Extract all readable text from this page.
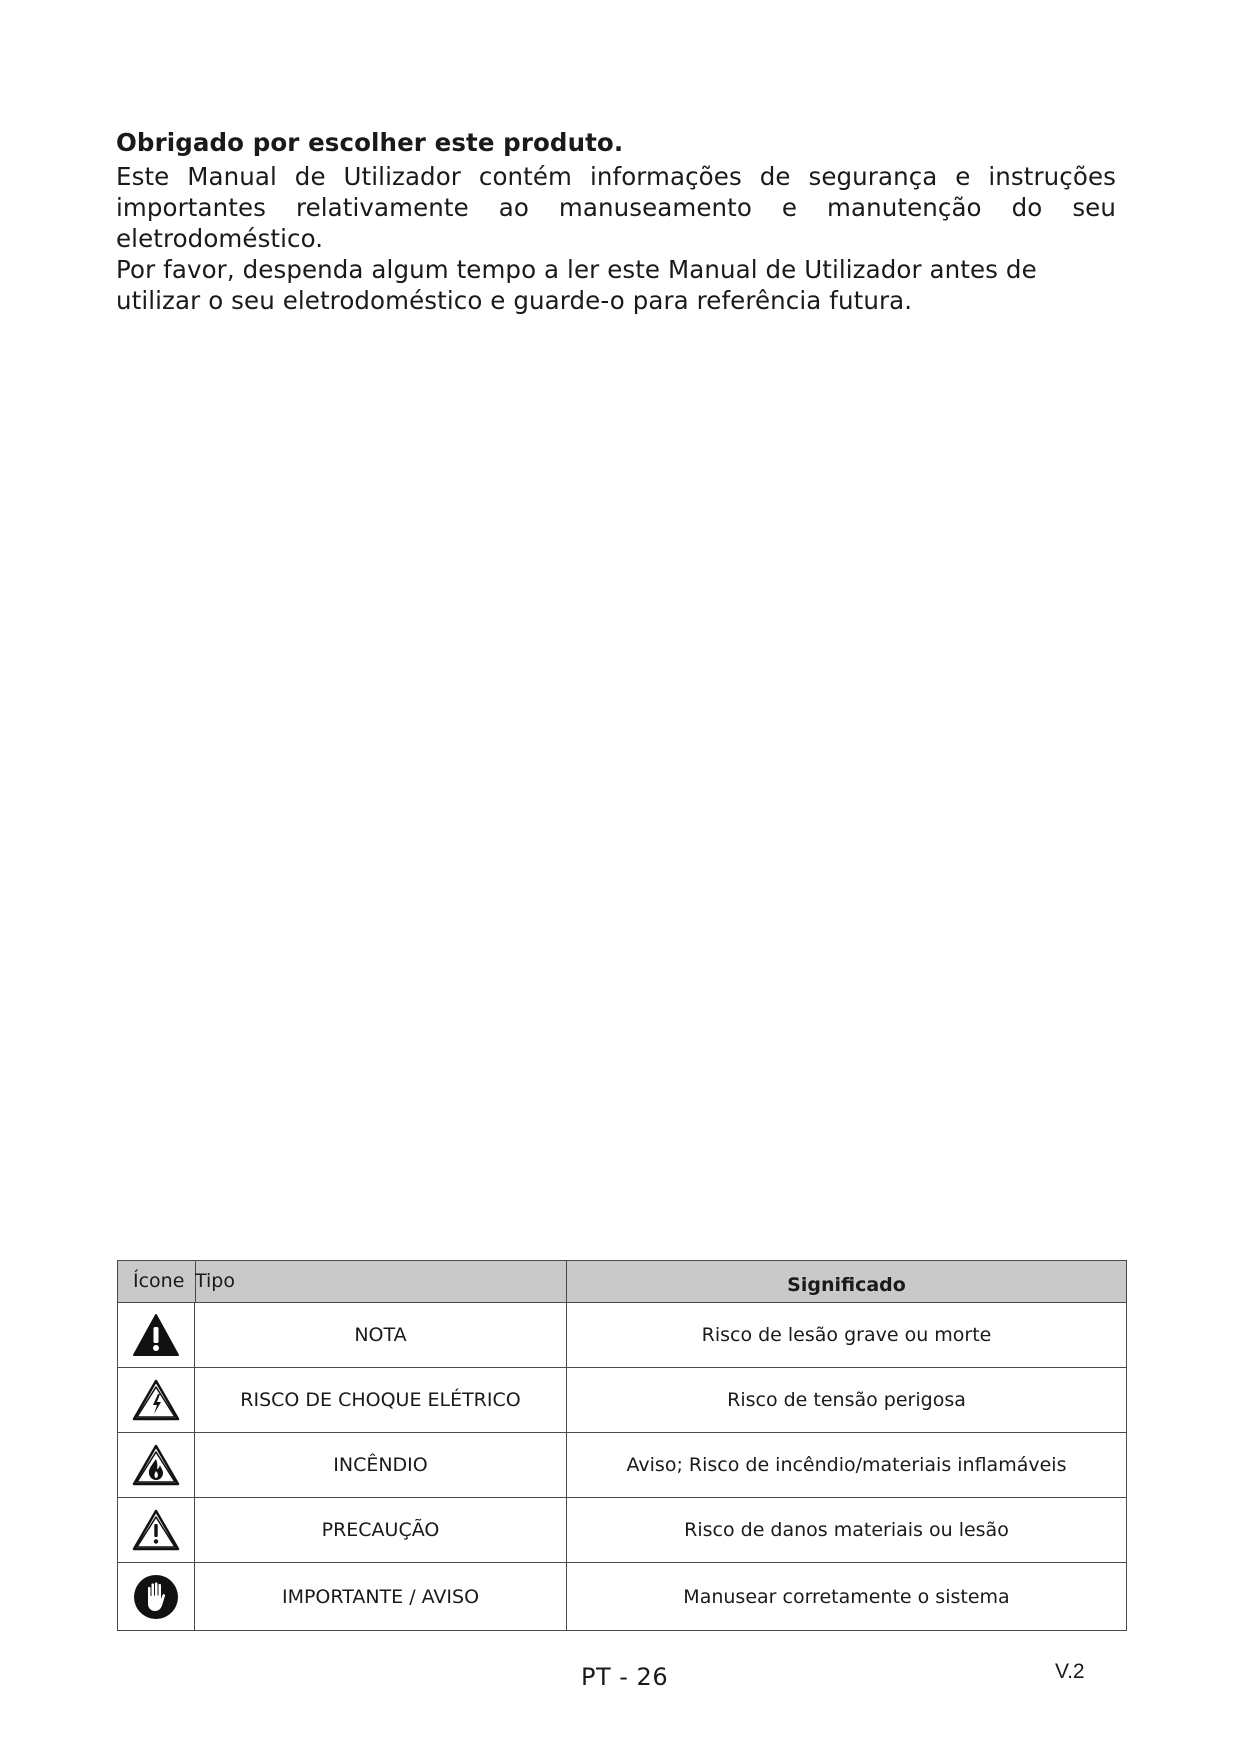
Obrigado por escolher este produto.

Este Manual de Utilizador contém informações de segurança e instruções importantes relativamente ao manuseamento e manutenção do seu eletrodoméstico.

Por favor, despenda algum tempo a ler este Manual de Utilizador antes de utilizar o seu eletrodoméstico e guarde-o para referência futura.

Ícone Tipo		Significado

	NOTA	Risco de lesão grave ou morte

	RISCO DE CHOQUE ELÉTRICO	Risco de tensão perigosa

	INCÊNDIO	Aviso; Risco de incêndio/materiais inflamáveis

	PRECAUÇÃO	Risco de danos materiais ou lesão

	IMPORTANTE / AVISO	Manusear corretamente o sistema
PT - 26	V.2
